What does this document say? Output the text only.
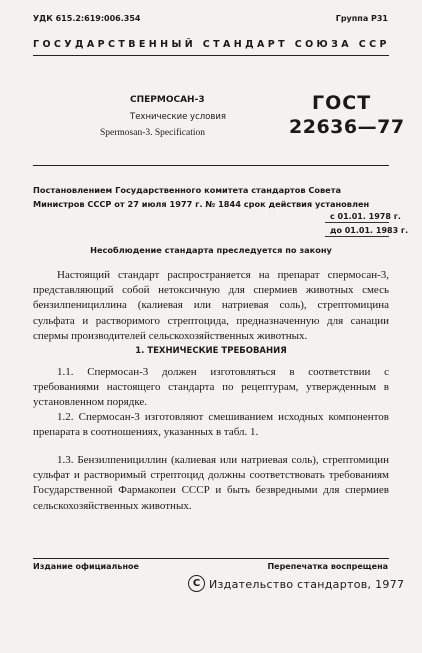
УДК 615.2:619:006.354	Группа Р31
ГОСУДАРСТВЕННЫЙ СТАНДАРТ СОЮЗА ССР
СПЕРМОСАН-3
Технические условия
Spermosan-3. Specification
ГОСТ
22636—77
Постановлением Государственного комитета стандартов Совета Министров СССР от 27 июля 1977 г. № 1844 срок действия установлен
с 01.01. 1978 г.
до 01.01. 1983 г.
Несоблюдение стандарта преследуется по закону
Настоящий стандарт распространяется на препарат спермосан-3, представляющий собой нетоксичную для спермиев животных смесь бензилпенициллина (калиевая или натриевая соль), стрептомицина сульфата и растворимого стрептоцида, предназначенную для санации спермы производителей сельскохозяйственных животных.
1. ТЕХНИЧЕСКИЕ ТРЕБОВАНИЯ
1.1. Спермосан-3 должен изготовляться в соответствии с требованиями настоящего стандарта по рецептурам, утвержденным в установленном порядке.
1.2. Спермосан-3 изготовляют смешиванием исходных компонентов препарата в соотношениях, указанных в табл. 1.
1.3. Бензилпенициллин (калиевая или натриевая соль), стрептомицин сульфат и растворимый стрептоцид должны соответствовать требованиям Государственной Фармакопеи СССР и быть безвредными для спермиев сельскохозяйственных животных.
Издание официальное	Перепечатка воспрещена
C Издательство стандартов, 1977
